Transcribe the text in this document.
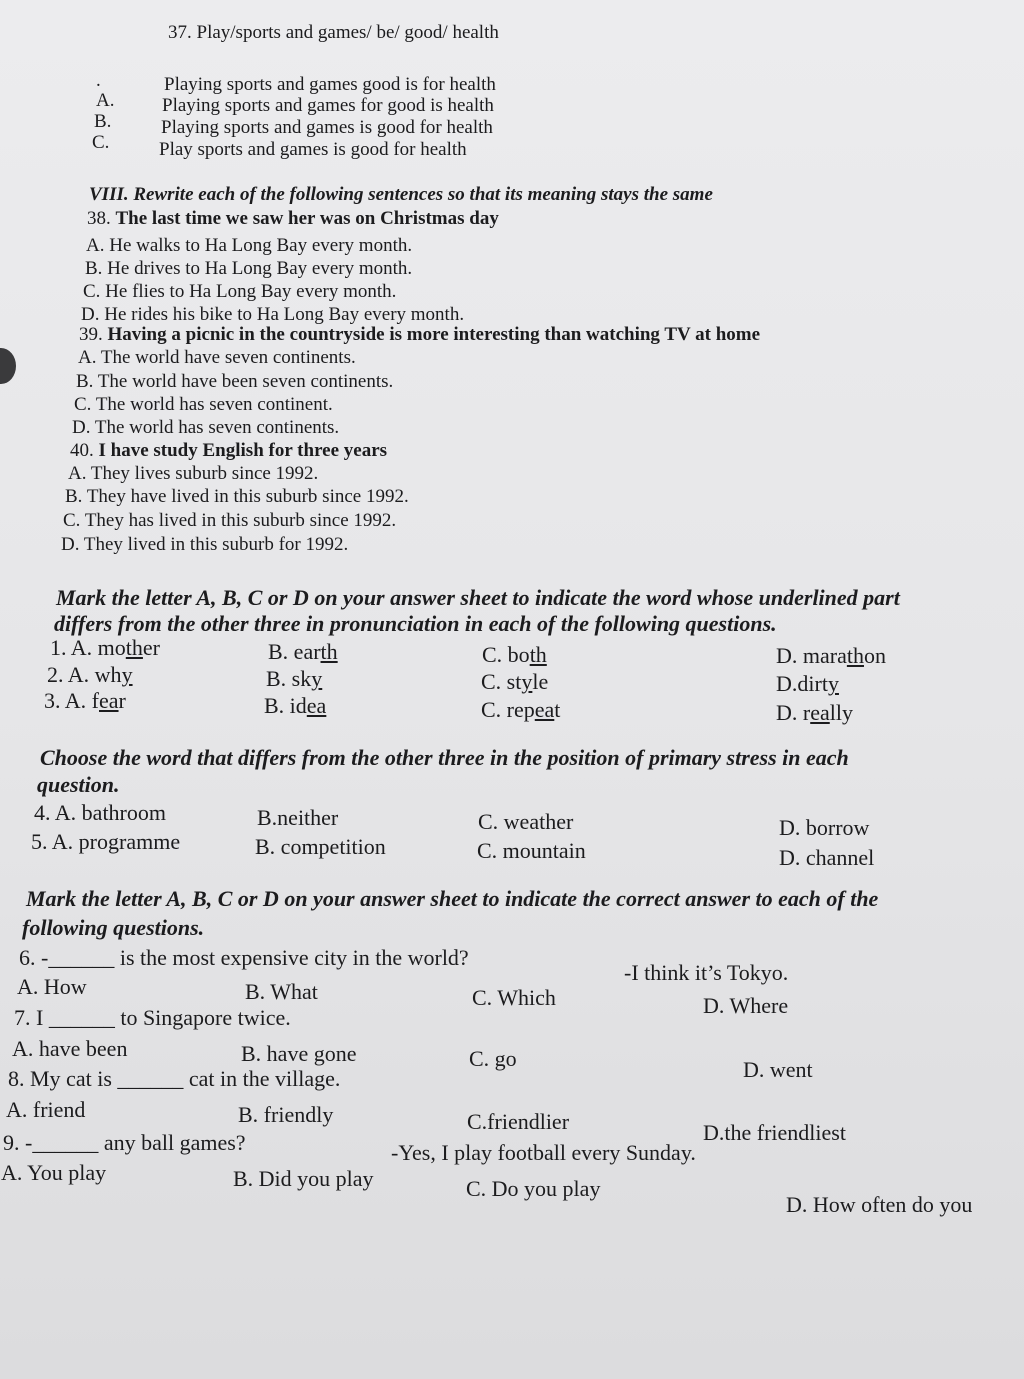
37. Play/sports and games/ be/ good/ health
.	Playing sports and games good is for health
A.	Playing sports and games for good is health
B.	Playing sports and games is good for health
C.	Play sports and games is good for health
VIII. Rewrite each of the following sentences so that its meaning stays the same
38. The last time we saw her was on Christmas day
A. He walks to Ha Long Bay every month.
B. He drives to Ha Long Bay every month.
C. He flies to Ha Long Bay every month.
D. He rides his bike to Ha Long Bay every month.
39. Having a picnic in the countryside is more interesting than watching TV at home
A. The world have seven continents.
B. The world have been seven continents.
C. The world has seven continent.
D. The world has seven continents.
40. I have study English for three years
A. They lives suburb since 1992.
B. They have lived in this suburb since 1992.
C. They has lived in this suburb since 1992.
D. They lived in this suburb for 1992.
Mark the letter A, B, C or D on your answer sheet to indicate the word whose underlined part
differs from the other three in pronunciation in each of the following questions.
1. A. mother	B. earth	C. both	D. marathon
2. A. why	B. sky	C. style	D.dirty
3. A. fear	B. idea	C. repeat	D. really
Choose the word that differs from the other three in the position of primary stress in each
question.
4. A. bathroom	B.neither	C. weather	D. borrow
5. A. programme	B. competition	C. mountain	D. channel
Mark the letter A, B, C or D on your answer sheet to indicate the correct answer to each of the
following questions.
6. -______ is the most expensive city in the world?
-I think it’s Tokyo.
A. How	B. What	C. Which	D. Where
7. I ______ to Singapore twice.
A. have been	B. have gone	C. go	D. went
8. My cat is ______ cat in the village.
A. friend	B. friendly	C.friendlier	D.the friendliest
9. -______ any ball games?	-Yes, I play football every Sunday.
A. You play	B. Did you play	C. Do you play
D. How often do you
